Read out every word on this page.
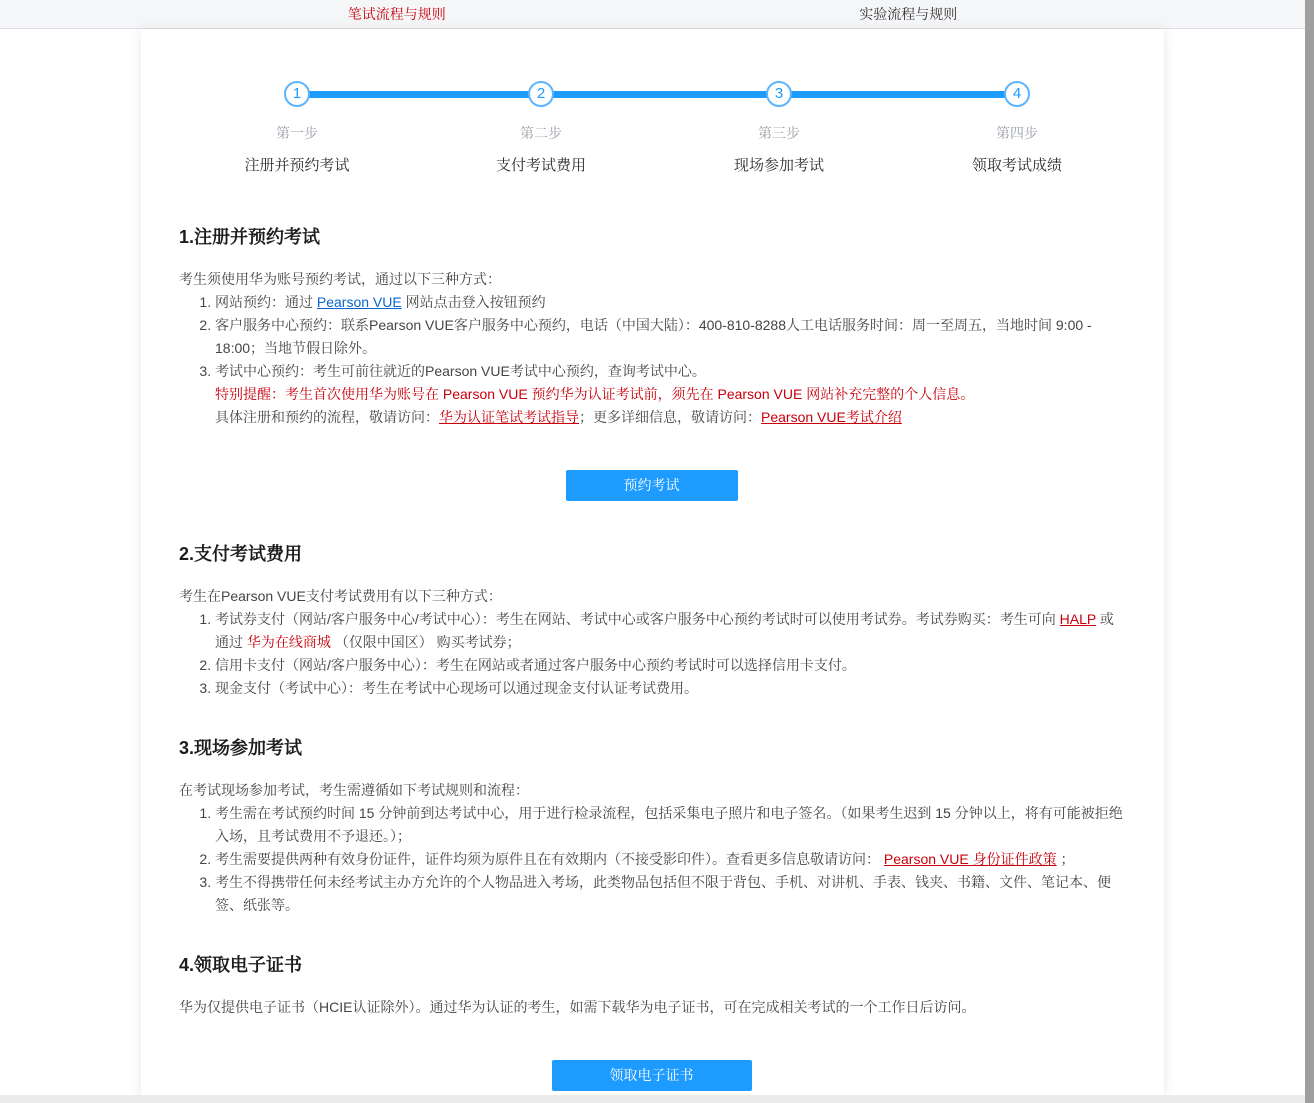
笔试流程与规则	实验流程与规则
1
第一步
注册并预约考试
2
第二步
支付考试费用
3
第三步
现场参加考试
4
第四步
领取考试成绩
1.注册并预约考试

考生须使用华为账号预约考试，通过以下三种方式：

1. 网站预约：通过 Pearson VUE 网站点击登入按钮预约
2. 客户服务中心预约：联系Pearson VUE客户服务中心预约，电话（中国大陆）：400-810-8288人工电话服务时间：周一至周五，当地时间 9:00 - 18:00；当地节假日除外。
3. 考试中心预约：考生可前往就近的Pearson VUE考试中心预约，查询考试中心。
特别提醒：考生首次使用华为账号在 Pearson VUE 预约华为认证考试前，须先在 Pearson VUE 网站补充完整的个人信息。
具体注册和预约的流程，敬请访问：华为认证笔试考试指导；更多详细信息，敬请访问：Pearson VUE考试介绍
预约考试
2.支付考试费用

考生在Pearson VUE支付考试费用有以下三种方式：

1. 考试券支付（网站/客户服务中心/考试中心）：考生在网站、考试中心或客户服务中心预约考试时可以使用考试券。考试券购买：考生可向 HALP 或通过 华为在线商城 （仅限中国区） 购买考试券；
2. 信用卡支付（网站/客户服务中心）：考生在网站或者通过客户服务中心预约考试时可以选择信用卡支付。
3. 现金支付（考试中心）：考生在考试中心现场可以通过现金支付认证考试费用。
3.现场参加考试

在考试现场参加考试，考生需遵循如下考试规则和流程：

1. 考生需在考试预约时间 15 分钟前到达考试中心，用于进行检录流程，包括采集电子照片和电子签名。（如果考生迟到 15 分钟以上，将有可能被拒绝入场，且考试费用不予退还。）；
2. 考生需要提供两种有效身份证件，证件均须为原件且在有效期内（不接受影印件）。查看更多信息敬请访问： Pearson VUE 身份证件政策 ；
3. 考生不得携带任何未经考试主办方允许的个人物品进入考场，此类物品包括但不限于背包、手机、对讲机、手表、钱夹、书籍、文件、笔记本、便签、纸张等。
4.领取电子证书

华为仅提供电子证书（HCIE认证除外）。通过华为认证的考生，如需下载华为电子证书，可在完成相关考试的一个工作日后访问。

领取电子证书
